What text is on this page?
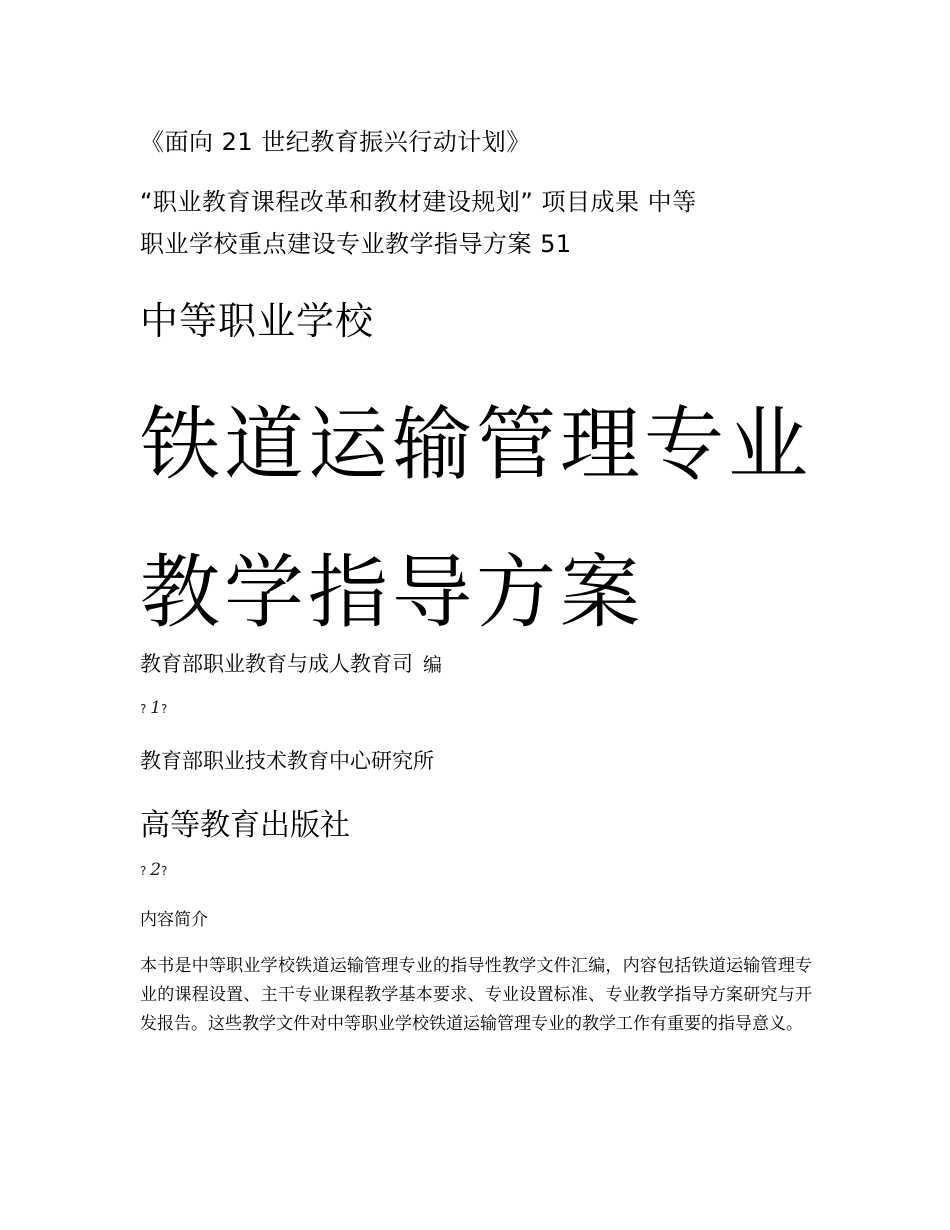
《面向 21 世纪教育振兴行动计划》
“职业教育课程改革和教材建设规划” 项目成果 中等
职业学校重点建设专业教学指导方案 51
中等职业学校
铁道运输管理专业
教学指导方案
教育部职业教育与成人教育司 编
? 1?
教育部职业技术教育中心研究所
高等教育出版社
? 2?
内容简介
本书是中等职业学校铁道运输管理专业的指导性教学文件汇编，内容包括铁道运输管理专业的课程设置、主干专业课程教学基本要求、专业设置标准、专业教学指导方案研究与开发报告。这些教学文件对中等职业学校铁道运输管理专业的教学工作有重要的指导意义。
